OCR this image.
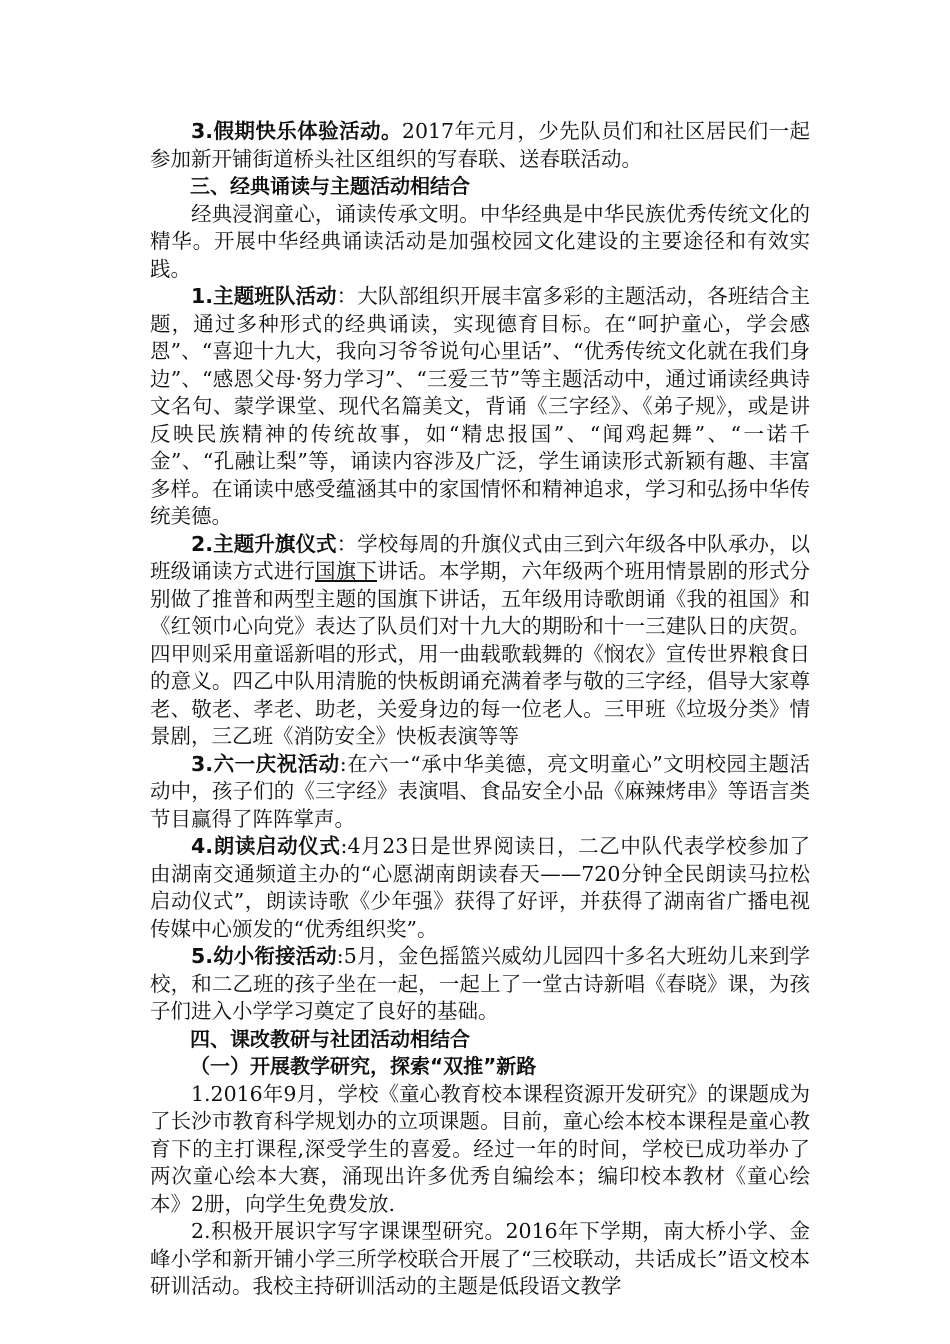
3.假期快乐体验活动。2017年元月，少先队员们和社区居民们一起参加新开铺街道桥头社区组织的写春联、送春联活动。

三、经典诵读与主题活动相结合

经典浸润童心，诵读传承文明。中华经典是中华民族优秀传统文化的精华。开展中华经典诵读活动是加强校园文化建设的主要途径和有效实践。

1.主题班队活动：大队部组织开展丰富多彩的主题活动，各班结合主题，通过多种形式的经典诵读，实现德育目标。在“呵护童心，学会感恩”、“喜迎十九大，我向习爷爷说句心里话”、“优秀传统文化就在我们身边”、“感恩父母·努力学习”、“三爱三节”等主题活动中，通过诵读经典诗文名句、蒙学课堂、现代名篇美文，背诵《三字经》、《弟子规》，或是讲反映民族精神的传统故事，如“精忠报国”、“闻鸡起舞”、“一诺千金”、“孔融让梨”等，诵读内容涉及广泛，学生诵读形式新颖有趣、丰富多样。在诵读中感受蕴涵其中的家国情怀和精神追求，学习和弘扬中华传统美德。

2.主题升旗仪式：学校每周的升旗仪式由三到六年级各中队承办，以班级诵读方式进行国旗下讲话。本学期，六年级两个班用情景剧的形式分别做了推普和两型主题的国旗下讲话，五年级用诗歌朗诵《我的祖国》和《红领巾心向党》表达了队员们对十九大的期盼和十一三建队日的庆贺。四甲则采用童谣新唱的形式，用一曲载歌载舞的《悯农》宣传世界粮食日的意义。四乙中队用清脆的快板朗诵充满着孝与敬的三字经，倡导大家尊老、敬老、孝老、助老，关爱身边的每一位老人。三甲班《垃圾分类》情景剧，三乙班《消防安全》快板表演等等

3.六一庆祝活动:在六一“承中华美德，亮文明童心”文明校园主题活动中，孩子们的《三字经》表演唱、食品安全小品《麻辣烤串》等语言类节目赢得了阵阵掌声。

4.朗读启动仪式:4月23日是世界阅读日，二乙中队代表学校参加了由湖南交通频道主办的“心愿湖南朗读春天——720分钟全民朗读马拉松启动仪式”，朗读诗歌《少年强》获得了好评，并获得了湖南省广播电视传媒中心颁发的“优秀组织奖”。

5.幼小衔接活动:5月，金色摇篮兴威幼儿园四十多名大班幼儿来到学校，和二乙班的孩子坐在一起，一起上了一堂古诗新唱《春晓》课，为孩子们进入小学学习奠定了良好的基础。

四、课改教研与社团活动相结合

（一）开展教学研究，探索“双推”新路

1.2016年9月，学校《童心教育校本课程资源开发研究》的课题成为了长沙市教育科学规划办的立项课题。目前，童心绘本校本课程是童心教育下的主打课程,深受学生的喜爱。经过一年的时间，学校已成功举办了两次童心绘本大赛，涌现出许多优秀自编绘本；编印校本教材《童心绘本》2册，向学生免费发放.

2.积极开展识字写字课课型研究。2016年下学期，南大桥小学、金峰小学和新开铺小学三所学校联合开展了“三校联动，共话成长”语文校本研训活动。我校主持研训活动的主题是低段语文教学
